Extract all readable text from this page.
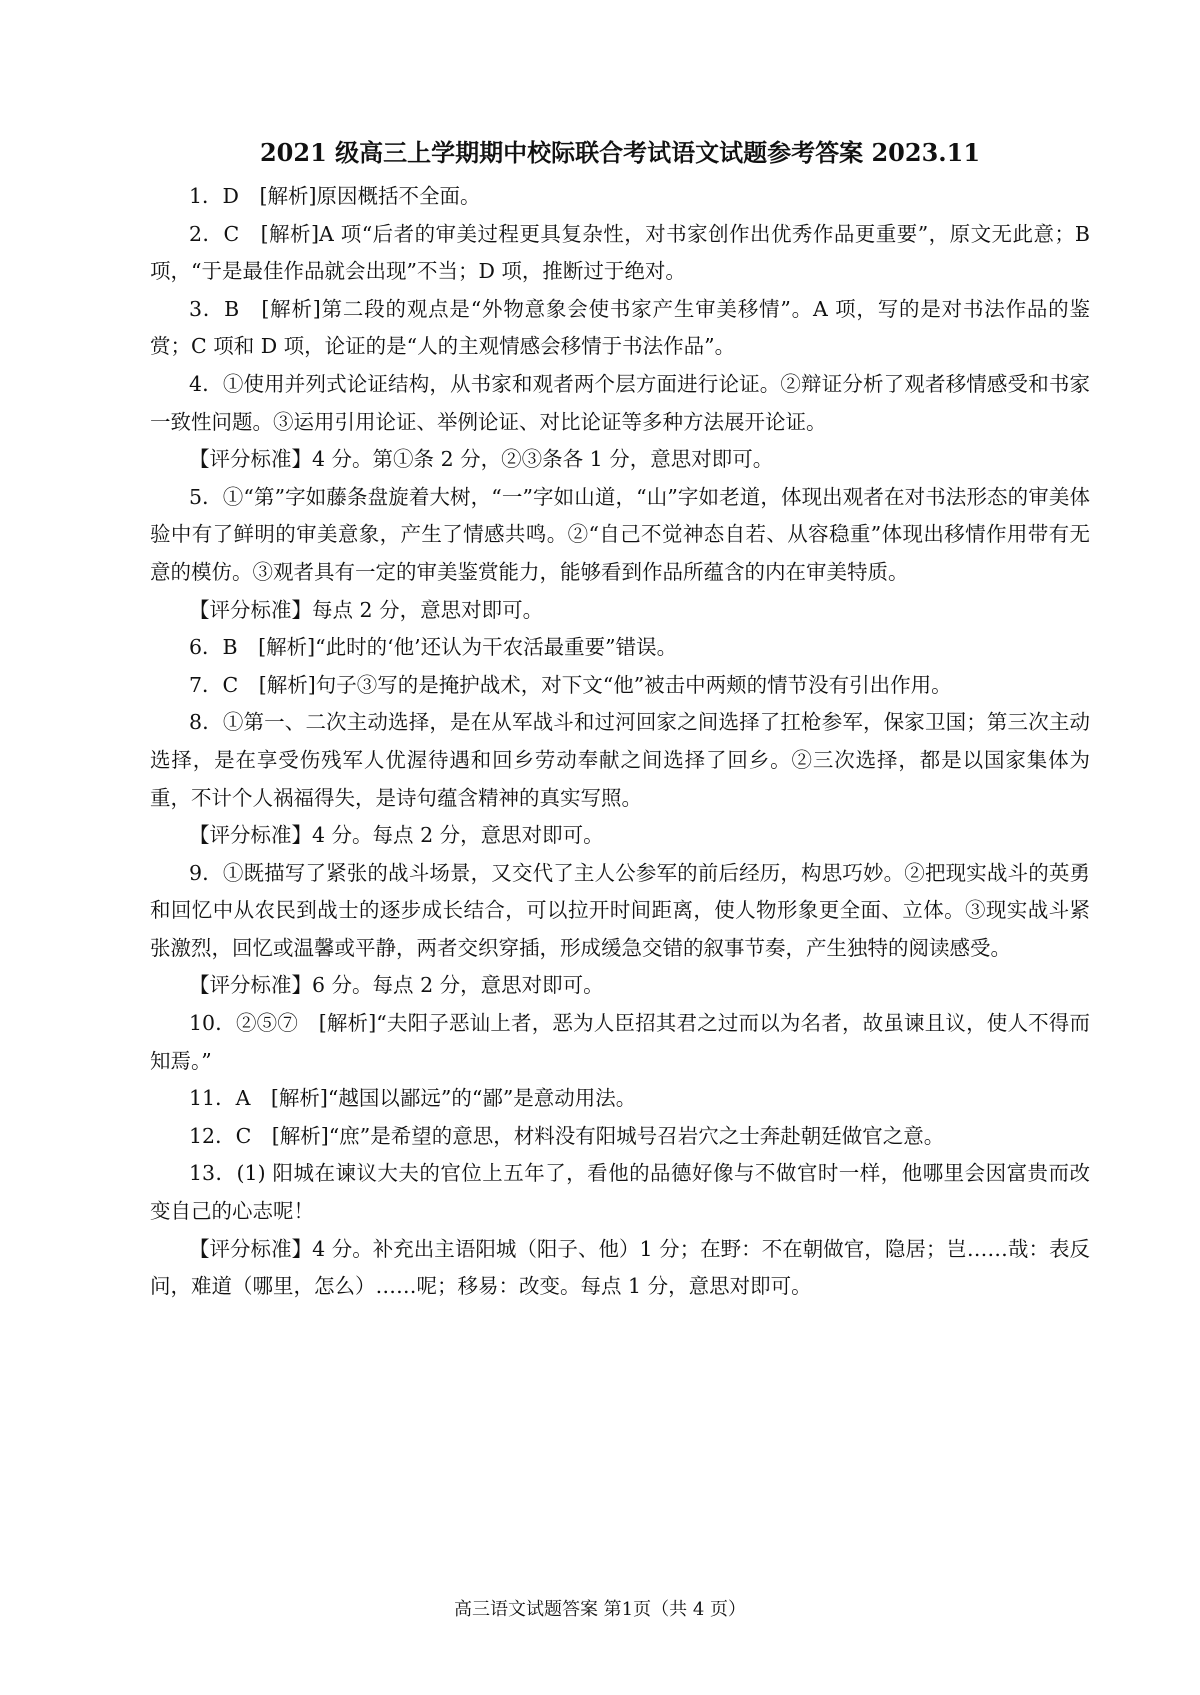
2021 级高三上学期期中校际联合考试语文试题参考答案 2023.11

1．D　[解析]原因概括不全面。

2．C　[解析]A 项“后者的审美过程更具复杂性，对书家创作出优秀作品更重要”，原文无此意；B 项，“于是最佳作品就会出现”不当；D 项，推断过于绝对。

3．B　[解析]第二段的观点是“外物意象会使书家产生审美移情”。A 项，写的是对书法作品的鉴赏；C 项和 D 项，论证的是“人的主观情感会移情于书法作品”。

4．①使用并列式论证结构，从书家和观者两个层方面进行论证。②辩证分析了观者移情感受和书家一致性问题。③运用引用论证、举例论证、对比论证等多种方法展开论证。

【评分标准】4 分。第①条 2 分，②③条各 1 分，意思对即可。

5．①“第”字如藤条盘旋着大树，“一”字如山道，“山”字如老道，体现出观者在对书法形态的审美体验中有了鲜明的审美意象，产生了情感共鸣。②“自己不觉神态自若、从容稳重”体现出移情作用带有无意的模仿。③观者具有一定的审美鉴赏能力，能够看到作品所蕴含的内在审美特质。

【评分标准】每点 2 分，意思对即可。

6．B　[解析]“此时的‘他’还认为干农活最重要”错误。

7．C　[解析]句子③写的是掩护战术，对下文“他”被击中两颊的情节没有引出作用。

8．①第一、二次主动选择，是在从军战斗和过河回家之间选择了扛枪参军，保家卫国；第三次主动选择，是在享受伤残军人优渥待遇和回乡劳动奉献之间选择了回乡。②三次选择，都是以国家集体为重，不计个人祸福得失，是诗句蕴含精神的真实写照。

【评分标准】4 分。每点 2 分，意思对即可。

9．①既描写了紧张的战斗场景，又交代了主人公参军的前后经历，构思巧妙。②把现实战斗的英勇和回忆中从农民到战士的逐步成长结合，可以拉开时间距离，使人物形象更全面、立体。③现实战斗紧张激烈，回忆或温馨或平静，两者交织穿插，形成缓急交错的叙事节奏，产生独特的阅读感受。

【评分标准】6 分。每点 2 分，意思对即可。

10．②⑤⑦　[解析]“夫阳子恶讪上者，恶为人臣招其君之过而以为名者，故虽谏且议，使人不得而知焉。”

11．A　[解析]“越国以鄙远”的“鄙”是意动用法。

12．C　[解析]“庶”是希望的意思，材料没有阳城号召岩穴之士奔赴朝廷做官之意。

13．(1) 阳城在谏议大夫的官位上五年了，看他的品德好像与不做官时一样，他哪里会因富贵而改变自己的心志呢！

【评分标准】4 分。补充出主语阳城（阳子、他）1 分；在野：不在朝做官，隐居；岂……哉：表反问，难道（哪里，怎么）……呢；移易：改变。每点 1 分，意思对即可。

高三语文试题答案 第1页（共 4 页）
